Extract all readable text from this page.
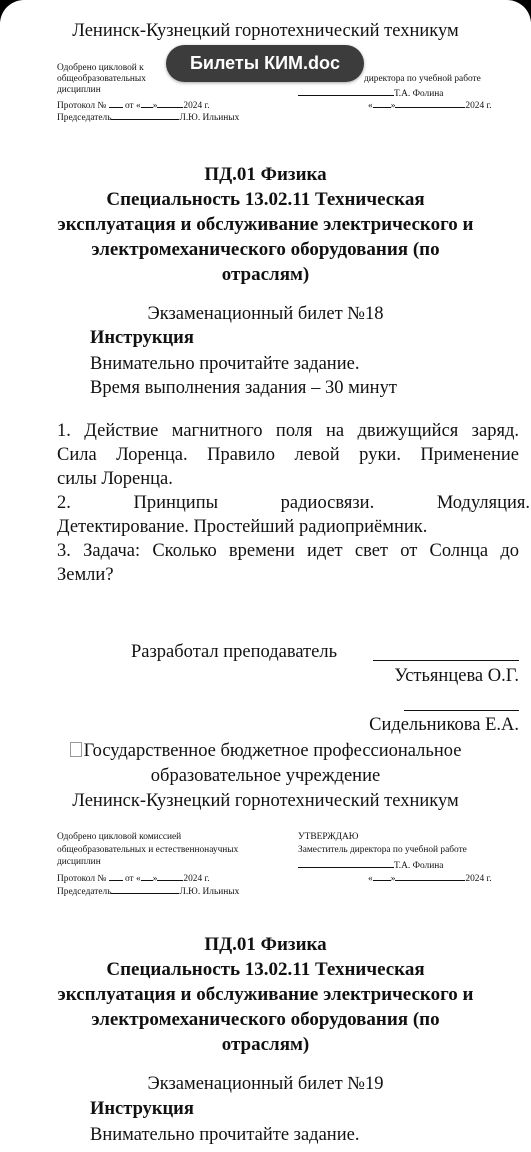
Ленинск-Кузнецкий горнотехнический техникум
Билеты КИМ.doc
Одобрено цикловой к
общеобразовательных
дисциплин
Протокол № от « »	2024 г.
Председатель	Л.Ю. Ильиных
директора по учебной работе
Т.А. Фолина
« »	2024 г.
ПД.01 Физика
Специальность 13.02.11 Техническая
эксплуатация и обслуживание электрического и
электромеханического оборудования (по
отраслям)
Экзаменационный билет №18
Инструкция
Внимательно прочитайте задание.
Время выполнения задания – 30 минут
1. Действие магнитного поля на движущийся заряд.
Сила Лоренца. Правило левой руки. Применение
силы Лоренца.
2. Принципы радиосвязи. Модуляция.
Детектирование. Простейший радиоприёмник.
3. Задача: Сколько времени идет свет от Солнца до
Земли?
Разработал преподаватель
Устьянцева О.Г.
Сидельникова Е.А.
Государственное бюджетное профессиональное
образовательное учреждение
Ленинск-Кузнецкий горнотехнический техникум
Одобрено цикловой комиссией
общеобразовательных и естественнонаучных
дисциплин
Протокол № от « »	2024 г.
Председатель	Л.Ю. Ильиных
УТВЕРЖДАЮ
Заместитель директора по учебной работе
Т.А. Фолина
« »	2024 г.
ПД.01 Физика
Специальность 13.02.11 Техническая
эксплуатация и обслуживание электрического и
электромеханического оборудования (по
отраслям)
Экзаменационный билет №19
Инструкция
Внимательно прочитайте задание.
